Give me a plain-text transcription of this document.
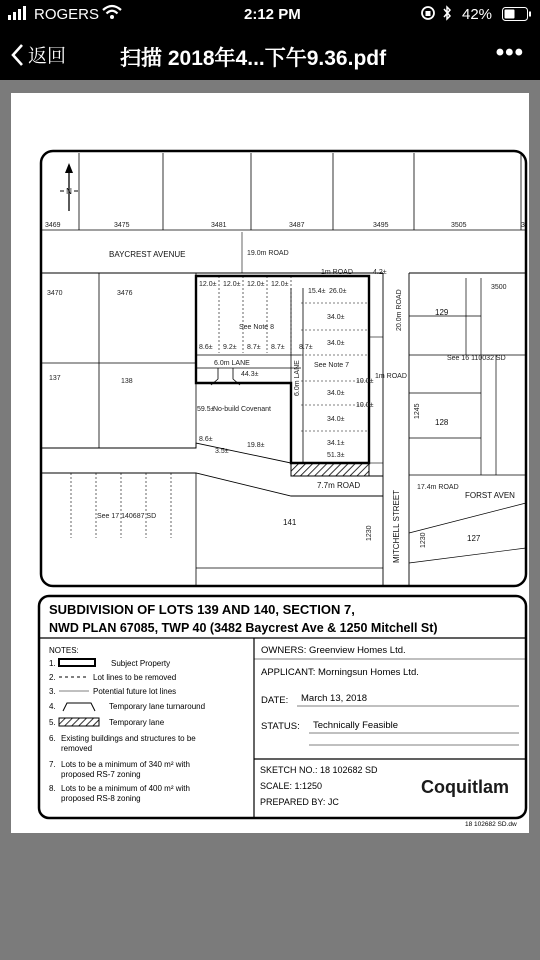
ROGERS	2:12 PM	42%
返回	扫描 2018年4...下午9.36.pdf	•••
N
3469	3475	3481	3487	3495	3505	3
BAYCREST AVENUE	19.0m ROAD
3470	3476
137	138
See Note 8
See Note 7
12.0± 12.0± 12.0± 12.0±
15.4± 26.0±
34.0±
34.0±
34.0±
34.0±
34.1±
51.3±
8.6± 9.2± 8.7± 8.7± 8.7±
44.3±
59.5±
19.8±
3.5±
8.6±
10.0±
10.0±
No-build Covenant
6.0m LANE	6.0m LANE
1m ROAD
1m ROAD
4.2±
7.7m ROAD
MITCHELL STREET
20.0m ROAD
3500
129
See 16 110032 SD
128
1245
FORST AVEN
17.4m ROAD
127
1230
See 17 140687 SD
141
1230
SUBDIVISION OF LOTS 139 AND 140, SECTION 7,
NWD PLAN 67085, TWP 40 (3482 Baycrest Ave & 1250 Mitchell St)
NOTES:
1.	Subject Property
2.	Lot lines to be removed
3.	Potential future lot lines
4.	Temporary lane turnaround
5.	Temporary lane
6. Existing buildings and structures to be
removed
7. Lots to be a minimum of 340 m² with
proposed RS-7 zoning
8. Lots to be a minimum of 400 m² with
proposed RS-8 zoning
OWNERS: Greenview Homes Ltd.
APPLICANT: Morningsun Homes Ltd.
DATE: March 13, 2018
STATUS: Technically Feasible
SKETCH NO.: 18 102682 SD
SCALE: 1:1250
PREPARED BY: JC
Coquitlam
18 102682 SD.dw
